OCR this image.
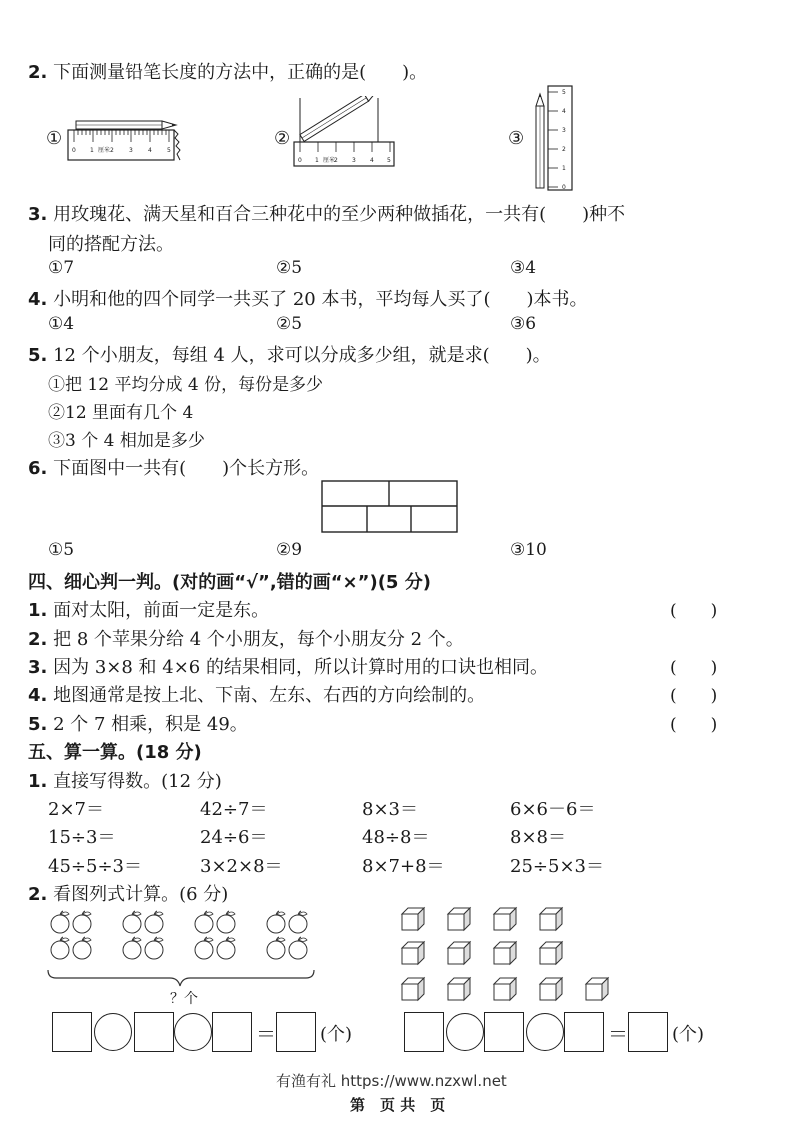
2. 下面测量铅笔长度的方法中，正确的是(　　)。
①
0 1 厘米 2	3	4	5
②
0 1 厘米
2 3 4 5
③
5
4
3
2
1
0
3. 用玫瑰花、满天星和百合三种花中的至少两种做插花，一共有(　　)种不
同的搭配方法。
①7	②5	③4
4. 小明和他的四个同学一共买了 20 本书，平均每人买了(　　)本书。
①4	②5	③6
5. 12 个小朋友，每组 4 人，求可以分成多少组，就是求(　　)。
①把 12 平均分成 4 份，每份是多少
②12 里面有几个 4
③3 个 4 相加是多少
6. 下面图中一共有(　　)个长方形。
①5	②9	③10
四、细心判一判。(对的画“√”,错的画“×”)(5 分)
1. 面对太阳，前面一定是东。	(　　)
2. 把 8 个苹果分给 4 个小朋友，每个小朋友分 2 个。
3. 因为 3×8 和 4×6 的结果相同，所以计算时用的口诀也相同。	(　　)
4. 地图通常是按上北、下南、左东、右西的方向绘制的。	(　　)
5. 2 个 7 相乘，积是 49。	(　　)
五、算一算。(18 分)
1. 直接写得数。(12 分)
2×7＝	42÷7＝	8×3＝	6×6－6＝
15÷3＝	24÷6＝	48÷8＝	8×8＝
45÷5÷3＝	3×2×8＝	8×7+8＝	25÷5×3＝
2. 看图列式计算。(6 分)
？个
＝ (个)	＝ (个)
有渔有礼 https://www.nzxwl.net
第　页 共　页
